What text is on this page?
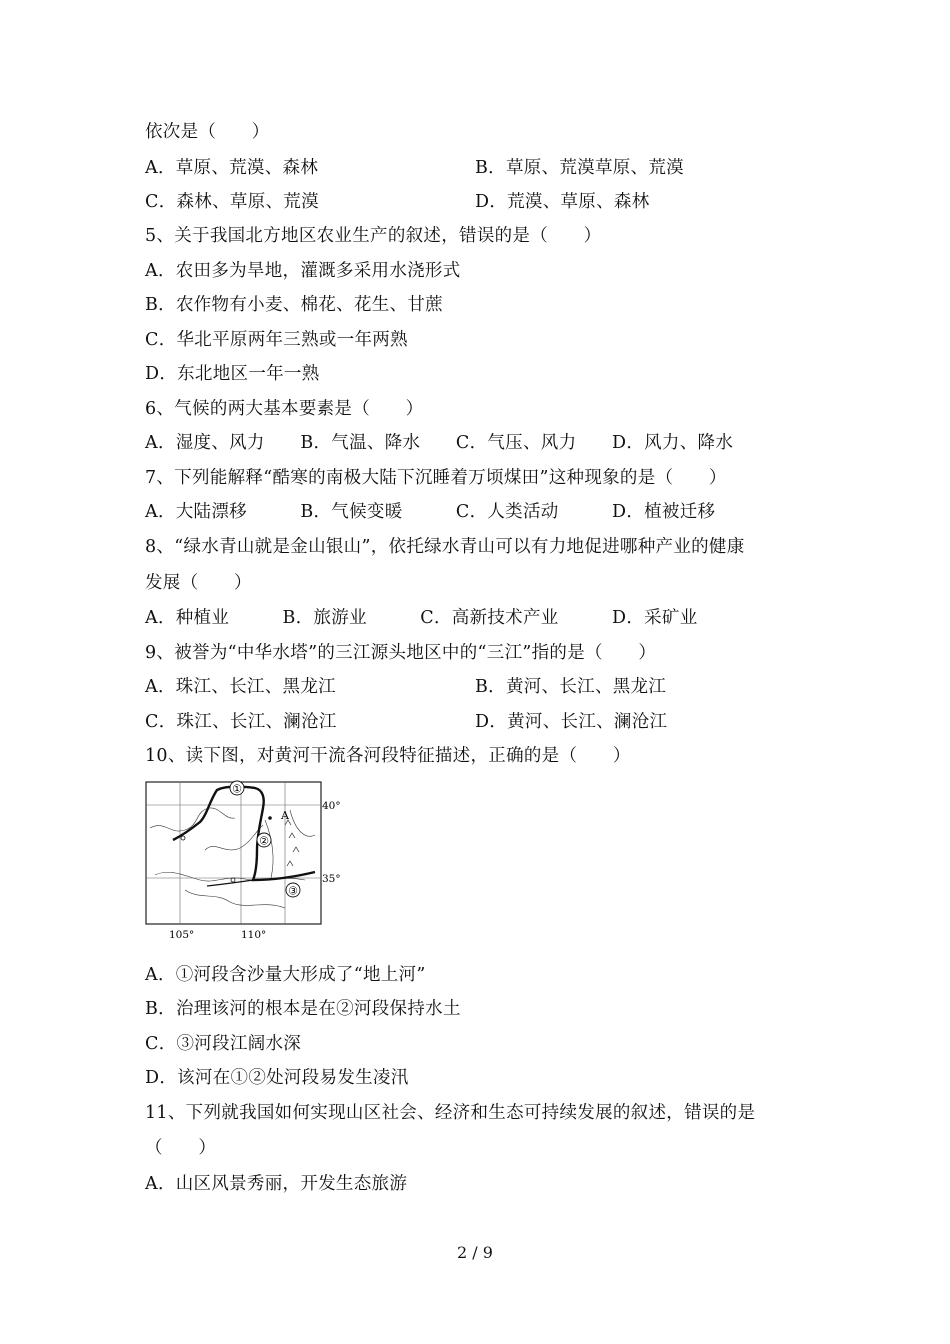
依次是（　　）
A．草原、荒漠、森林	B．草原、荒漠草原、荒漠
C．森林、草原、荒漠	D．荒漠、草原、森林
5、关于我国北方地区农业生产的叙述，错误的是（　　）
A．农田多为旱地，灌溉多采用水浇形式
B．农作物有小麦、棉花、花生、甘蔗
C．华北平原两年三熟或一年两熟
D．东北地区一年一熟
6、气候的两大基本要素是（　　）
A．湿度、风力　　B．气温、降水　　C．气压、风力　　D．风力、降水
7、下列能解释“酷寒的南极大陆下沉睡着万顷煤田”这种现象的是（　　）
A．大陆漂移　　　B．气候变暖　　　C．人类活动　　　D．植被迁移
8、“绿水青山就是金山银山”，依托绿水青山可以有力地促进哪种产业的健康
发展（　　）
A．种植业　　　B．旅游业　　　C．高新技术产业　　　D．采矿业
9、被誉为“中华水塔”的三江源头地区中的“三江”指的是（　　）
A．珠江、长江、黑龙江	B．黄河、长江、黑龙江
C．珠江、长江、澜沧江	D．黄河、长江、澜沧江
10、读下图，对黄河干流各河段特征描述，正确的是（　　）
①
②
③
A
40°
35°
105°	110°
A．①河段含沙量大形成了“地上河”
B．治理该河的根本是在②河段保持水土
C．③河段江阔水深
D．该河在①②处河段易发生凌汛
11、下列就我国如何实现山区社会、经济和生态可持续发展的叙述，错误的是
（　　）
A．山区风景秀丽，开发生态旅游
2 / 9
